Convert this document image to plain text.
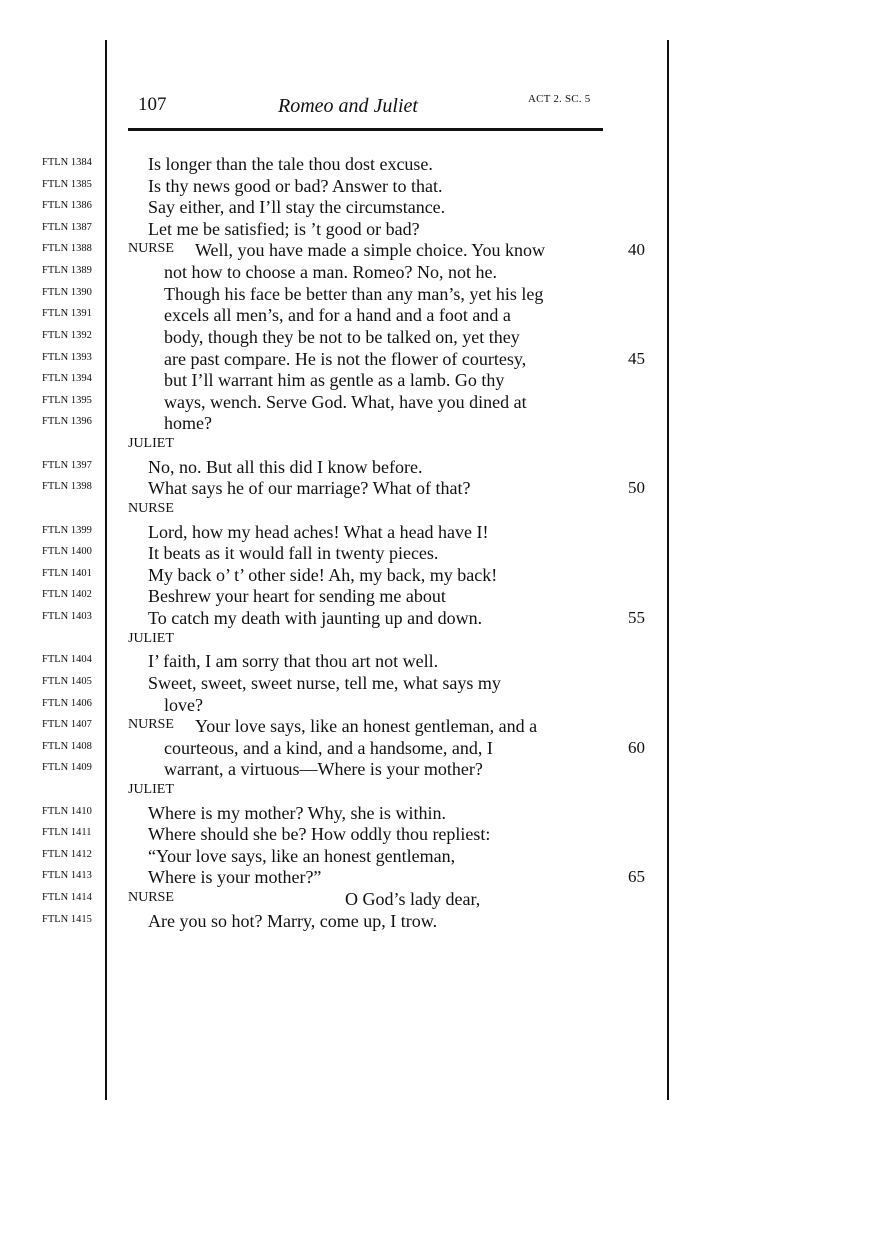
107	Romeo and Juliet	ACT 2. SC. 5
FTLN 1384	Is longer than the tale thou dost excuse.
FTLN 1385	Is thy news good or bad? Answer to that.
FTLN 1386	Say either, and I’ll stay the circumstance.
FTLN 1387	Let me be satisfied; is ’t good or bad?
FTLN 1388	NURSE Well, you have made a simple choice. You know	40
FTLN 1389	not how to choose a man. Romeo? No, not he.
FTLN 1390	Though his face be better than any man’s, yet his leg
FTLN 1391	excels all men’s, and for a hand and a foot and a
FTLN 1392	body, though they be not to be talked on, yet they
FTLN 1393	are past compare. He is not the flower of courtesy,	45
FTLN 1394	but I’ll warrant him as gentle as a lamb. Go thy
FTLN 1395	ways, wench. Serve God. What, have you dined at
FTLN 1396	home?
JULIET
FTLN 1397	No, no. But all this did I know before.
FTLN 1398	What says he of our marriage? What of that?	50
NURSE
FTLN 1399	Lord, how my head aches! What a head have I!
FTLN 1400	It beats as it would fall in twenty pieces.
FTLN 1401	My back o’ t’ other side! Ah, my back, my back!
FTLN 1402	Beshrew your heart for sending me about
FTLN 1403	To catch my death with jaunting up and down.	55
JULIET
FTLN 1404	I’ faith, I am sorry that thou art not well.
FTLN 1405	Sweet, sweet, sweet nurse, tell me, what says my
FTLN 1406	love?
FTLN 1407	NURSE Your love says, like an honest gentleman, and a
FTLN 1408	courteous, and a kind, and a handsome, and, I	60
FTLN 1409	warrant, a virtuous—Where is your mother?
JULIET
FTLN 1410	Where is my mother? Why, she is within.
FTLN 1411	Where should she be? How oddly thou repliest:
FTLN 1412	“Your love says, like an honest gentleman,
FTLN 1413	Where is your mother?”	65
FTLN 1414	NURSE	O God’s lady dear,
FTLN 1415	Are you so hot? Marry, come up, I trow.
